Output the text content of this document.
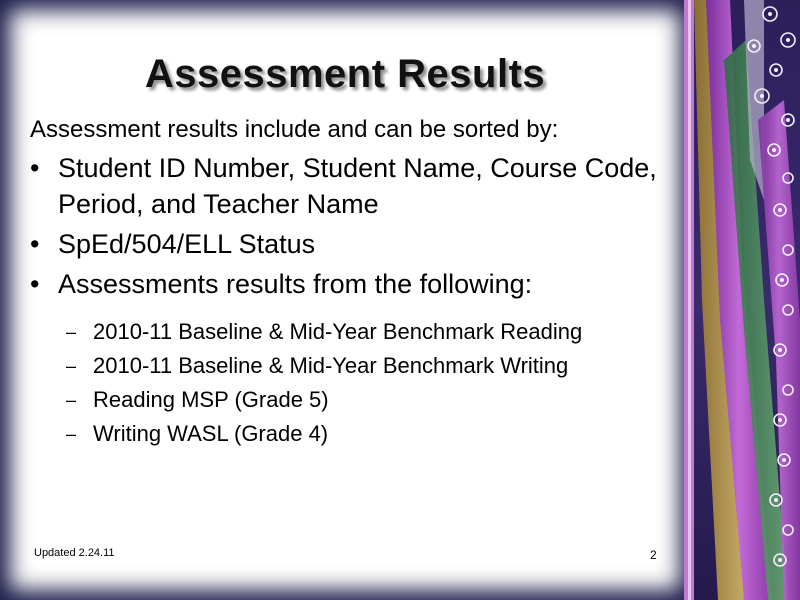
Assessment Results
Assessment results include and can be sorted by:
• Student ID Number, Student Name, Course Code, Period, and Teacher Name
• SpEd/504/ELL Status
• Assessments results from the following:
– 2010-11 Baseline & Mid-Year Benchmark Reading
– 2010-11 Baseline & Mid-Year Benchmark Writing
– Reading MSP (Grade 5)
– Writing WASL (Grade 4)
Updated 2.24.11	2
